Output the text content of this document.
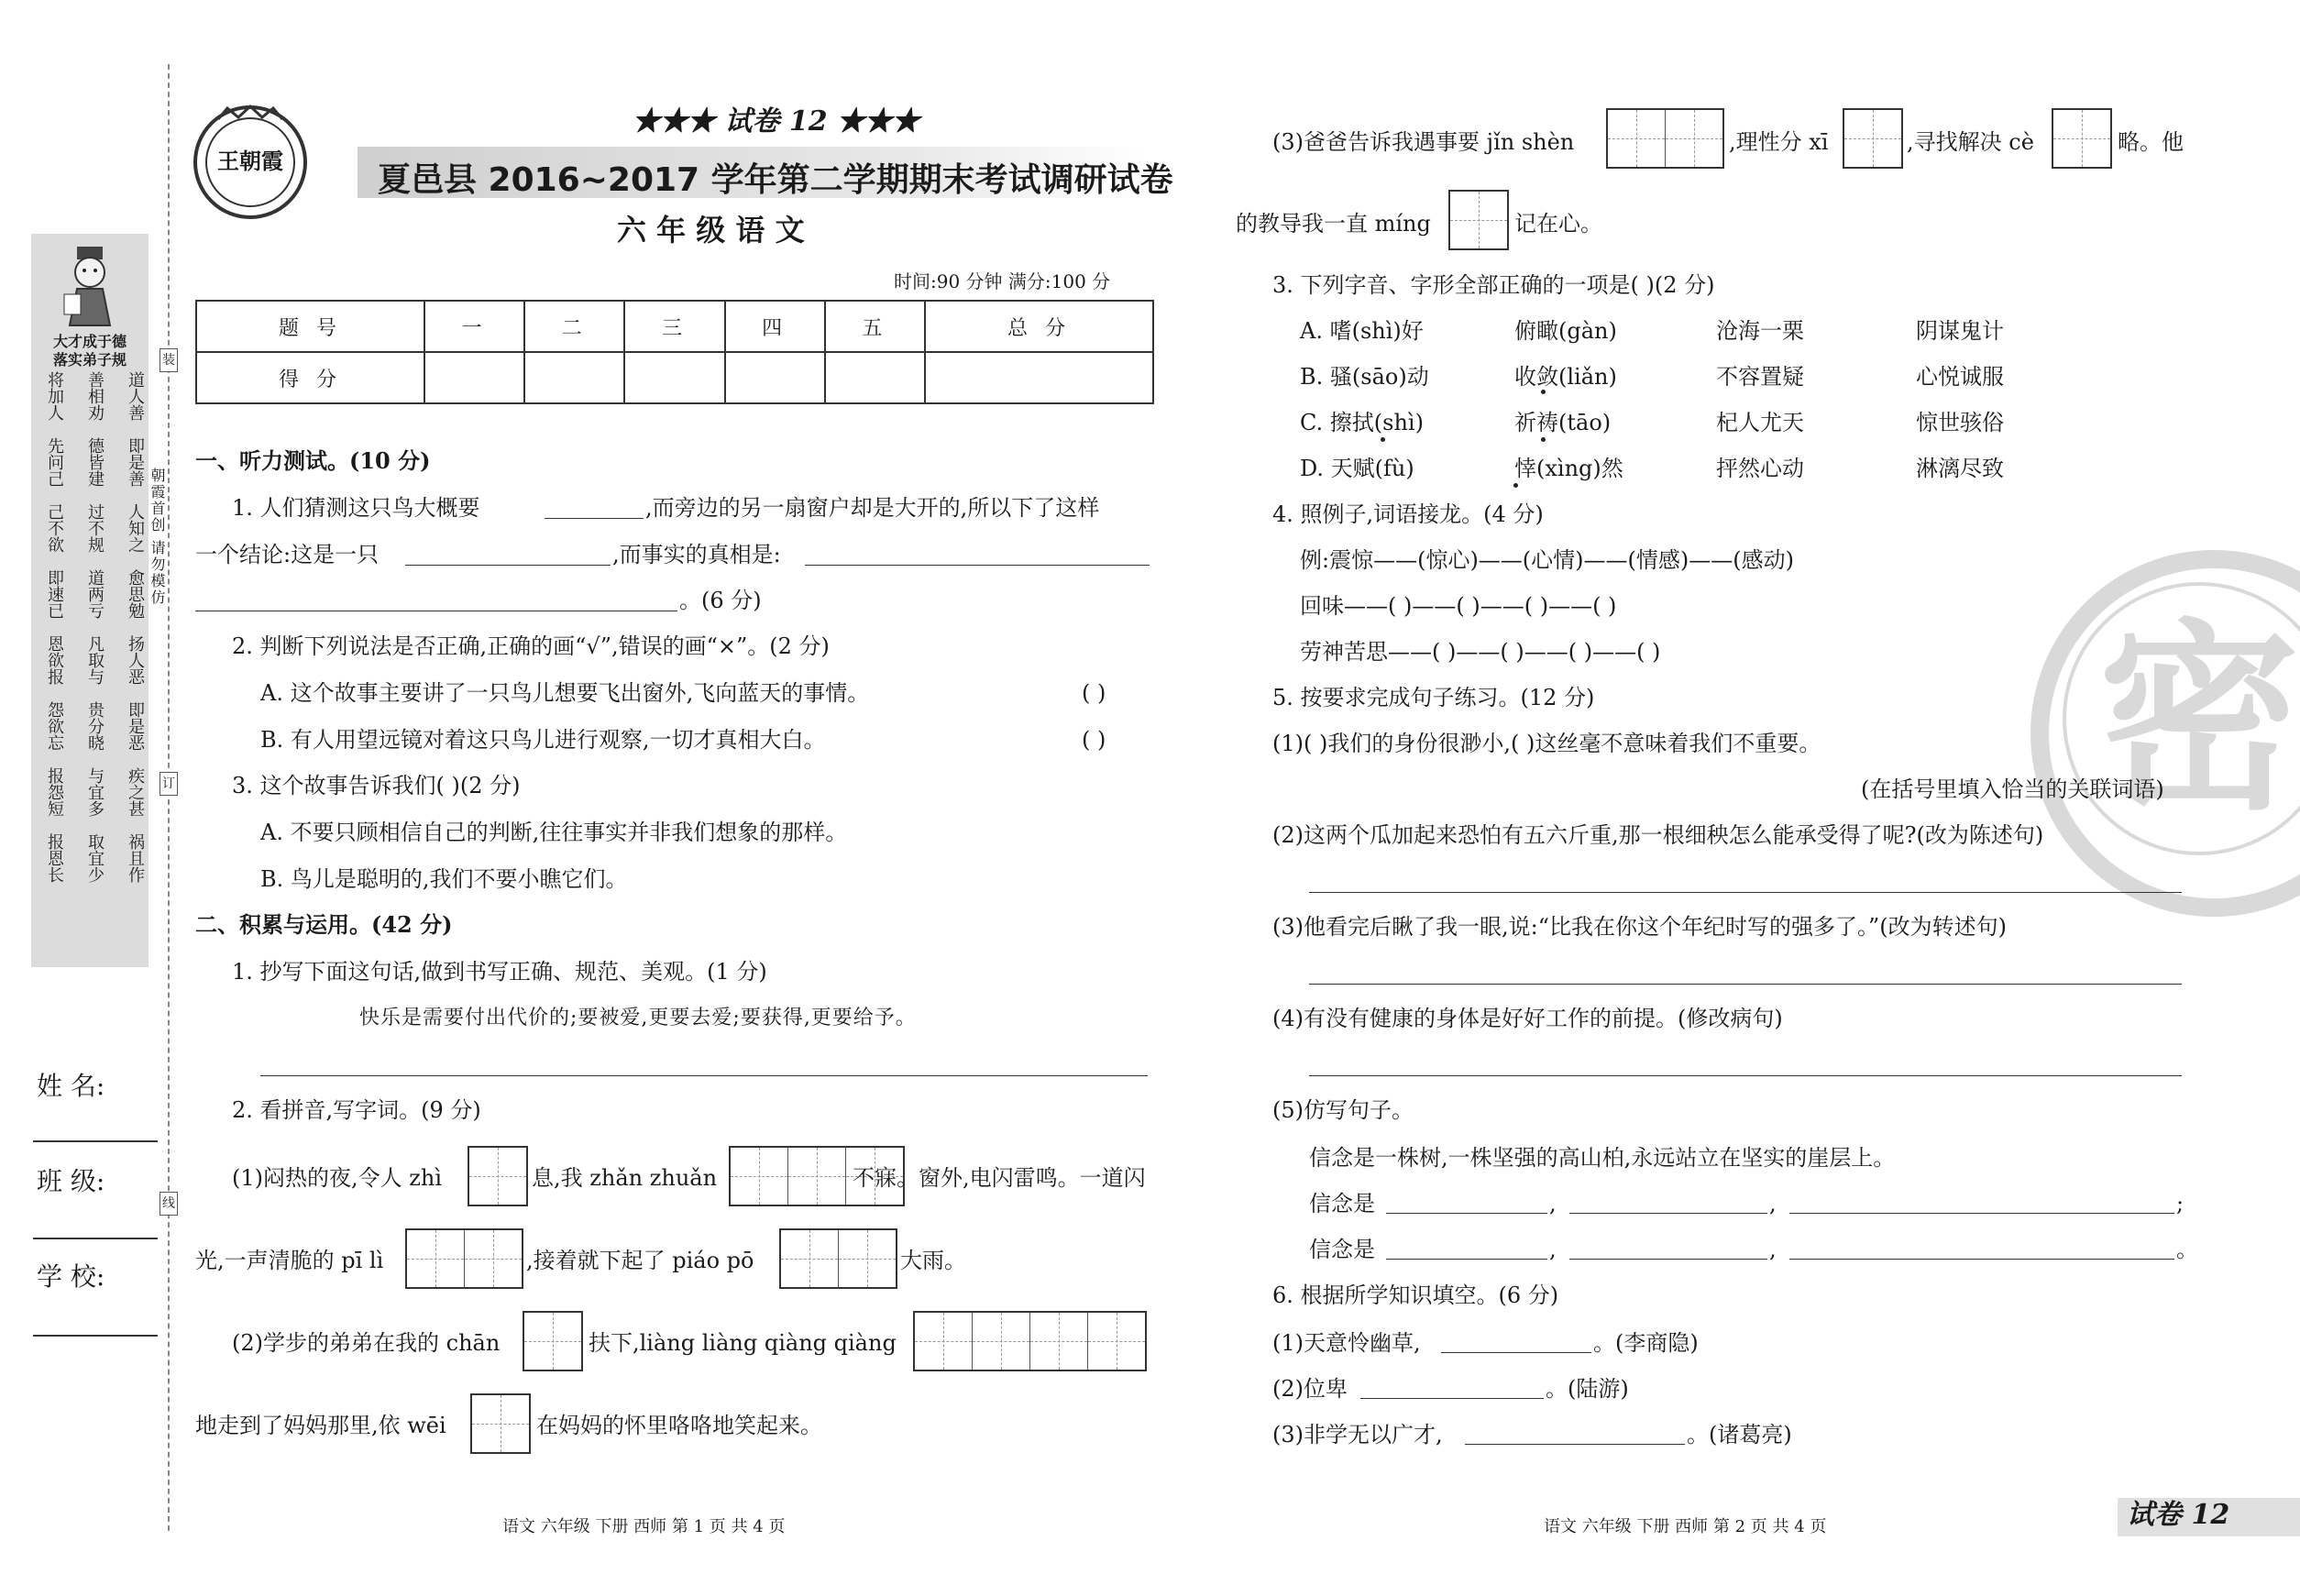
大才成于德
落实弟子规
道人善
善相劝
将加人
即是善
德皆建
先问己
人知之
过不规
己不欲
愈思勉
道两亏
即速已
扬人恶
凡取与
恩欲报
即是恶
贵分晓
怨欲忘
疾之甚
与宜多
报怨短
祸且作
取宜少
报恩长
装
订
线
朝霞首创 请勿模仿
姓 名:
班 级:
学 校:
王朝霞
★★★ 试卷 12 ★★★
夏邑县 2016~2017 学年第二学期期末考试调研试卷
六 年 级 语 文
时间:90 分钟 满分:100 分
题 号	一	二	三	四	五	总 分
得 分						
一、听力测试。(10 分)
1. 人们猜测这只鸟大概要	,而旁边的另一扇窗户却是大开的,所以下了这样
一个结论:这是一只	,而事实的真相是:
。(6 分)
2. 判断下列说法是否正确,正确的画“√”,错误的画“×”。(2 分)
A. 这个故事主要讲了一只鸟儿想要飞出窗外,飞向蓝天的事情。	( )
B. 有人用望远镜对着这只鸟儿进行观察,一切才真相大白。	( )
3. 这个故事告诉我们( )(2 分)
A. 不要只顾相信自己的判断,往往事实并非我们想象的那样。
B. 鸟儿是聪明的,我们不要小瞧它们。
二、积累与运用。(42 分)
1. 抄写下面这句话,做到书写正确、规范、美观。(1 分)
快乐是需要付出代价的;要被爱,更要去爱;要获得,更要给予。
2. 看拼音,写字词。(9 分)
(1)闷热的夜,令人 zhì	息,我 zhǎn zhuǎn	不寐。窗外,电闪雷鸣。一道闪
光,一声清脆的 pī lì	,接着就下起了 piáo pō	大雨。
(2)学步的弟弟在我的 chān	扶下,liàng liàng qiàng qiàng
地走到了妈妈那里,依 wēi	在妈妈的怀里咯咯地笑起来。
语文 六年级 下册 西师 第 1 页 共 4 页
密
(3)爸爸告诉我遇事要 jǐn shèn	,理性分 xī	,寻找解决 cè	略。他
的教导我一直 míng	记在心。
3. 下列字音、字形全部正确的一项是( )(2 分)
A. 嗜(shì)好	俯瞰(gàn)	沧海一栗	阴谋鬼计
B. 骚(sāo)动	收敛(liǎn)	不容置疑	心悦诚服
C. 擦拭(shì)	祈祷(tāo)	杞人尤天	惊世骇俗
D. 天赋(fù)	悻(xìng)然	抨然心动	淋漓尽致
4. 照例子,词语接龙。(4 分)
例:震惊——(惊心)——(心情)——(情感)——(感动)
回味——( )——( )——( )——( )
劳神苦思——( )——( )——( )——( )
5. 按要求完成句子练习。(12 分)
(1)( )我们的身份很渺小,( )这丝毫不意味着我们不重要。
(在括号里填入恰当的关联词语)
(2)这两个瓜加起来恐怕有五六斤重,那一根细秧怎么能承受得了呢?(改为陈述句)
(3)他看完后瞅了我一眼,说:“比我在你这个年纪时写的强多了。”(改为转述句)
(4)有没有健康的身体是好好工作的前提。(修改病句)
(5)仿写句子。
信念是一株树,一株坚强的高山柏,永远站立在坚实的崖层上。
信念是	,	,	;
信念是	,	,	。
6. 根据所学知识填空。(6 分)
(1)天意怜幽草,	。(李商隐)
(2)位卑	。(陆游)
(3)非学无以广才,	。(诸葛亮)
语文 六年级 下册 西师 第 2 页 共 4 页	试卷 12
